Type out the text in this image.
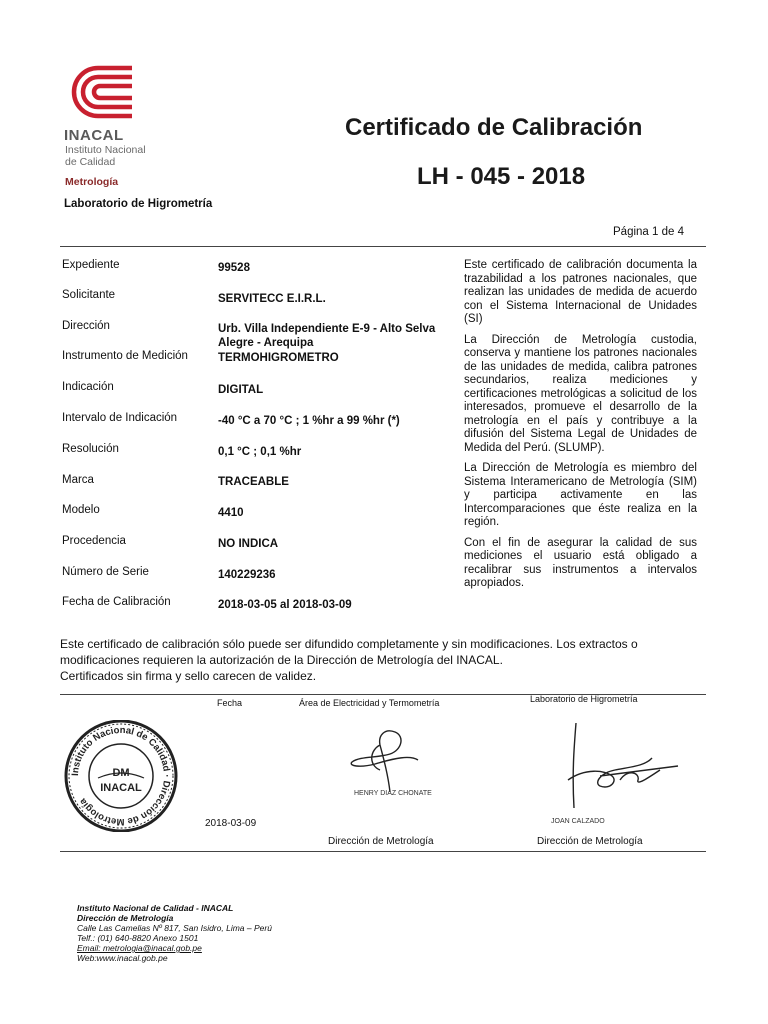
INACAL
Instituto Nacional
de Calidad
Metrología
Certificado de Calibración
LH - 045 - 2018
Laboratorio de Higrometría
Página 1 de 4
Expediente	99528
Solicitante	SERVITECC E.I.R.L.
Dirección	Urb. Villa Independiente E-9 - Alto Selva Alegre - Arequipa
Instrumento de Medición	TERMOHIGROMETRO
Indicación	DIGITAL
Intervalo de Indicación	-40 °C a 70 °C ; 1 %hr a 99 %hr (*)
Resolución	0,1 °C ; 0,1 %hr
Marca	TRACEABLE
Modelo	4410
Procedencia	NO INDICA
Número de Serie	140229236
Fecha de Calibración	2018-03-05 al 2018-03-09

Este certificado de calibración documenta la trazabilidad a los patrones nacionales, que realizan las unidades de medida de acuerdo con el Sistema Internacional de Unidades (SI)

La Dirección de Metrología custodia, conserva y mantiene los patrones nacionales de las unidades de medida, calibra patrones secundarios, realiza mediciones y certificaciones metrológicas a solicitud de los interesados, promueve el desarrollo de la metrología en el país y contribuye a la difusión del Sistema Legal de Unidades de Medida del Perú. (SLUMP).

La Dirección de Metrología es miembro del Sistema Interamericano de Metrología (SIM) y participa activamente en las Intercomparaciones que éste realiza en la región.

Con el fin de asegurar la calidad de sus mediciones el usuario está obligado a recalibrar sus instrumentos a intervalos apropiados.

Este certificado de calibración sólo puede ser difundido completamente y sin modificaciones. Los extractos o modificaciones requieren la autorización de la Dirección de Metrología del INACAL.
Certificados sin firma y sello carecen de validez.
Fecha	Área de Electricidad y Termometría	Laboratorio de Higrometría
Instituto Nacional de Calidad · Dirección de Metrología
DM
INACAL	HENRY DIAZ CHONATE
JOAN CALZADO
2018-03-09
Dirección de Metrología	Dirección de Metrología
Instituto Nacional de Calidad - INACAL
Dirección de Metrología
Calle Las Camelias Nº 817, San Isidro, Lima – Perú
Telf.: (01) 640-8820 Anexo 1501
Email: metrologia@inacal.gob.pe
Web:www.inacal.gob.pe
